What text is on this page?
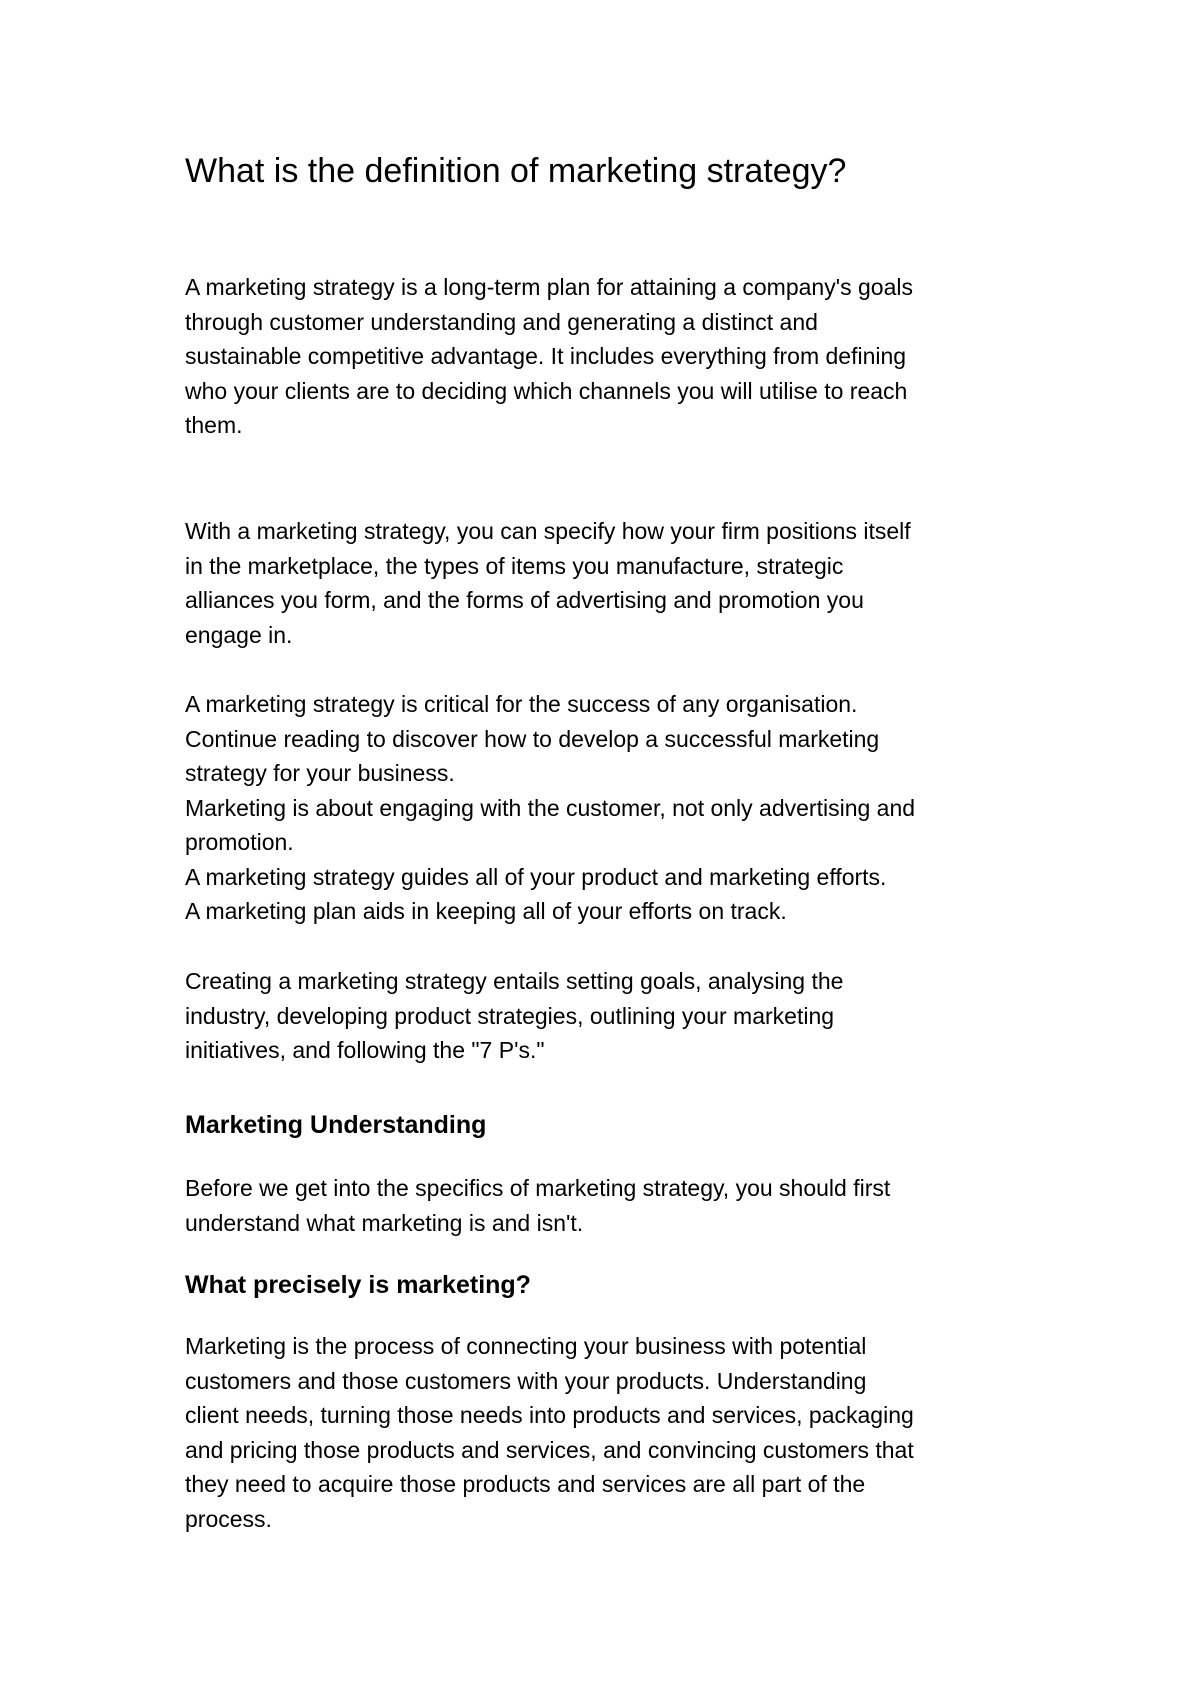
What is the definition of marketing strategy?

A marketing strategy is a long-term plan for attaining a company's goals
through customer understanding and generating a distinct and
sustainable competitive advantage. It includes everything from defining
who your clients are to deciding which channels you will utilise to reach
them.

With a marketing strategy, you can specify how your firm positions itself
in the marketplace, the types of items you manufacture, strategic
alliances you form, and the forms of advertising and promotion you
engage in.

A marketing strategy is critical for the success of any organisation.
Continue reading to discover how to develop a successful marketing
strategy for your business.
Marketing is about engaging with the customer, not only advertising and
promotion.
A marketing strategy guides all of your product and marketing efforts.
A marketing plan aids in keeping all of your efforts on track.

Creating a marketing strategy entails setting goals, analysing the
industry, developing product strategies, outlining your marketing
initiatives, and following the "7 P's."

Marketing Understanding

Before we get into the specifics of marketing strategy, you should first
understand what marketing is and isn't.

What precisely is marketing?

Marketing is the process of connecting your business with potential
customers and those customers with your products. Understanding
client needs, turning those needs into products and services, packaging
and pricing those products and services, and convincing customers that
they need to acquire those products and services are all part of the
process.
